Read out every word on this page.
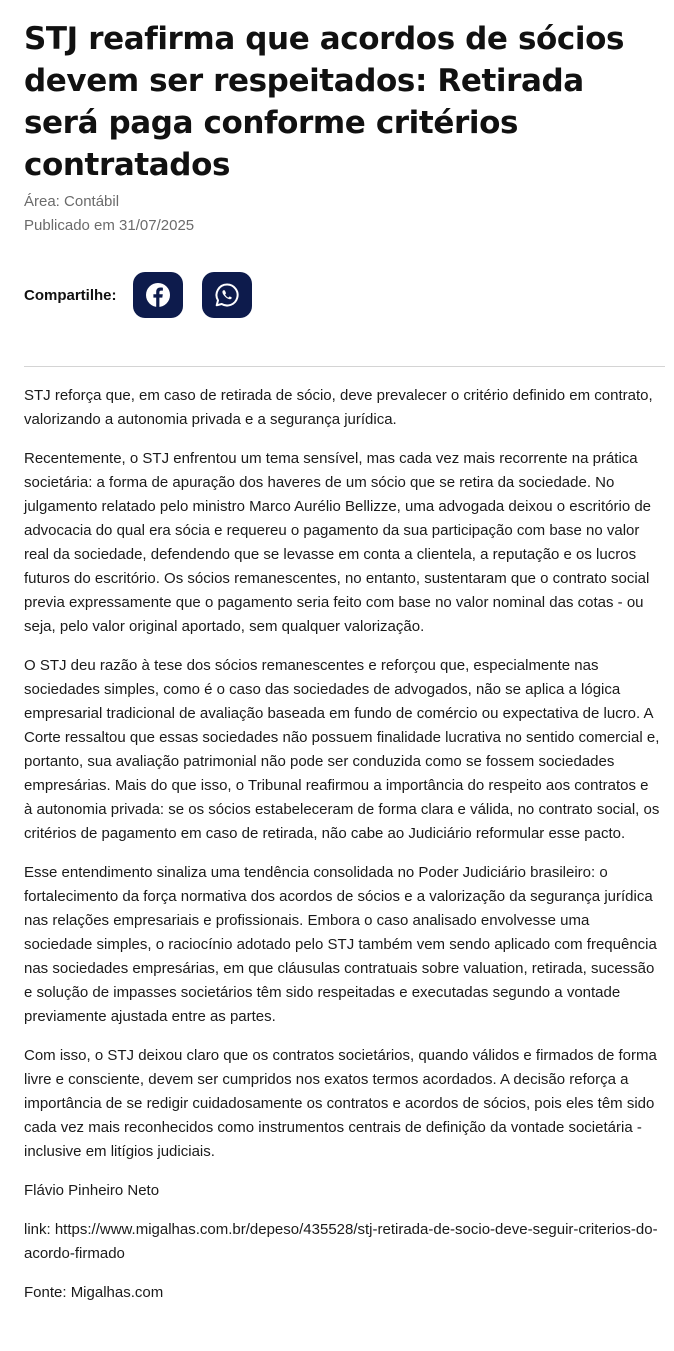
STJ reafirma que acordos de sócios devem ser respeitados: Retirada será paga conforme critérios contratados
Área: Contábil
Publicado em 31/07/2025
Compartilhe:

STJ reforça que, em caso de retirada de sócio, deve prevalecer o critério definido em contrato, valorizando a autonomia privada e a segurança jurídica.

Recentemente, o STJ enfrentou um tema sensível, mas cada vez mais recorrente na prática societária: a forma de apuração dos haveres de um sócio que se retira da sociedade. No julgamento relatado pelo ministro Marco Aurélio Bellizze, uma advogada deixou o escritório de advocacia do qual era sócia e requereu o pagamento da sua participação com base no valor real da sociedade, defendendo que se levasse em conta a clientela, a reputação e os lucros futuros do escritório. Os sócios remanescentes, no entanto, sustentaram que o contrato social previa expressamente que o pagamento seria feito com base no valor nominal das cotas - ou seja, pelo valor original aportado, sem qualquer valorização.

O STJ deu razão à tese dos sócios remanescentes e reforçou que, especialmente nas sociedades simples, como é o caso das sociedades de advogados, não se aplica a lógica empresarial tradicional de avaliação baseada em fundo de comércio ou expectativa de lucro. A Corte ressaltou que essas sociedades não possuem finalidade lucrativa no sentido comercial e, portanto, sua avaliação patrimonial não pode ser conduzida como se fossem sociedades empresárias. Mais do que isso, o Tribunal reafirmou a importância do respeito aos contratos e à autonomia privada: se os sócios estabeleceram de forma clara e válida, no contrato social, os critérios de pagamento em caso de retirada, não cabe ao Judiciário reformular esse pacto.

Esse entendimento sinaliza uma tendência consolidada no Poder Judiciário brasileiro: o fortalecimento da força normativa dos acordos de sócios e a valorização da segurança jurídica nas relações empresariais e profissionais. Embora o caso analisado envolvesse uma sociedade simples, o raciocínio adotado pelo STJ também vem sendo aplicado com frequência nas sociedades empresárias, em que cláusulas contratuais sobre valuation, retirada, sucessão e solução de impasses societários têm sido respeitadas e executadas segundo a vontade previamente ajustada entre as partes.

Com isso, o STJ deixou claro que os contratos societários, quando válidos e firmados de forma livre e consciente, devem ser cumpridos nos exatos termos acordados. A decisão reforça a importância de se redigir cuidadosamente os contratos e acordos de sócios, pois eles têm sido cada vez mais reconhecidos como instrumentos centrais de definição da vontade societária - inclusive em litígios judiciais.

Flávio Pinheiro Neto

link: https://www.migalhas.com.br/depeso/435528/stj-retirada-de-socio-deve-seguir-criterios-do-acordo-firmado

Fonte: Migalhas.com
